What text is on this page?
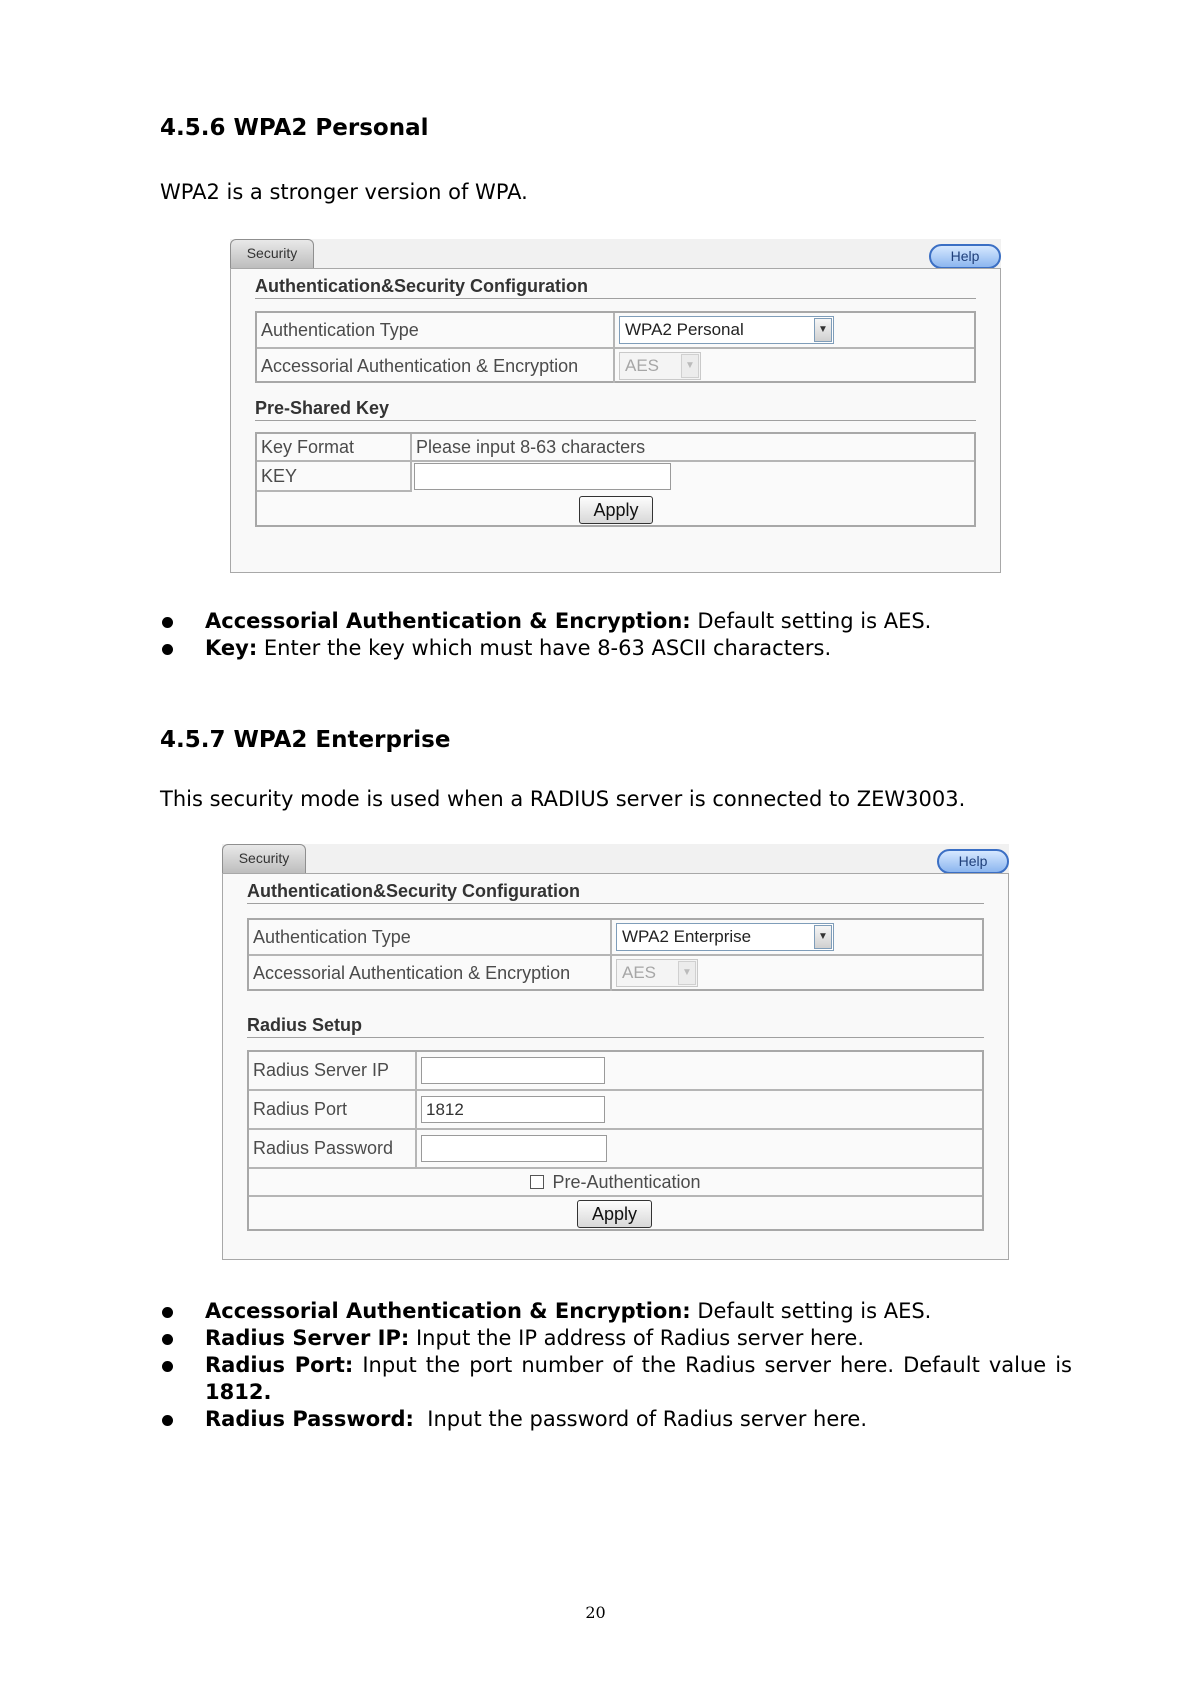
4.5.6 WPA2 Personal
WPA2 is a stronger version of WPA.
Security	Help
Authentication&Security Configuration
Authentication Type	WPA2 Personal	▼
Accessorial Authentication & Encryption	AES	▼
Pre-Shared Key
Key Format	Please input 8-63 characters
KEY
Apply
Accessorial Authentication & Encryption: Default setting is AES.
Key: Enter the key which must have 8-63 ASCII characters.
4.5.7 WPA2 Enterprise
This security mode is used when a RADIUS server is connected to ZEW3003.
Security	Help
Authentication&Security Configuration
Authentication Type	WPA2 Enterprise	▼
Accessorial Authentication & Encryption	AES	▼
Radius Setup
Radius Server IP
Radius Port	1812
Radius Password
Pre-Authentication
Apply
Accessorial Authentication & Encryption: Default setting is AES.
Radius Server IP: Input the IP address of Radius server here.
Radius Port: Input the port number of the Radius server here. Default value is 1812.
Radius Password:  Input the password of Radius server here.
20
